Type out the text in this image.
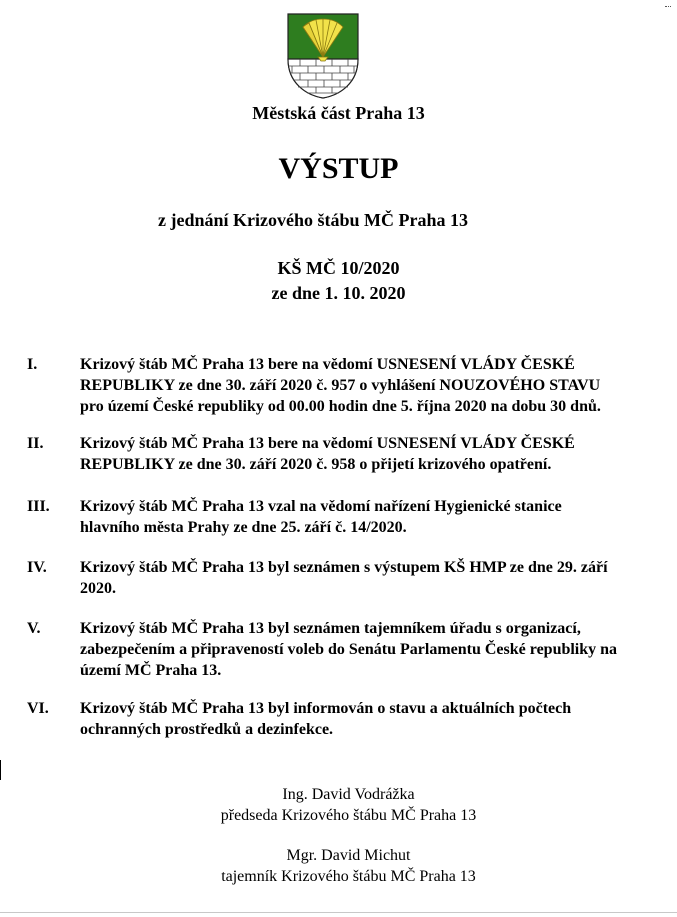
Městská část Praha 13
VÝSTUP
z jednání Krizového štábu MČ Praha 13
KŠ MČ 10/2020
ze dne 1. 10. 2020
I.	Krizový štáb MČ Praha 13 bere na vědomí USNESENÍ VLÁDY ČESKÉ
REPUBLIKY ze dne 30. září 2020 č. 957 o vyhlášení NOUZOVÉHO STAVU
pro území České republiky od 00.00 hodin dne 5. října 2020 na dobu 30 dnů.
II. Krizový štáb MČ Praha 13 bere na vědomí USNESENÍ VLÁDY ČESKÉ
REPUBLIKY ze dne 30. září 2020 č. 958 o přijetí krizového opatření.
III. Krizový štáb MČ Praha 13 vzal na vědomí nařízení Hygienické stanice
hlavního města Prahy ze dne 25. září č. 14/2020.
IV. Krizový štáb MČ Praha 13 byl seznámen s výstupem KŠ HMP ze dne 29. září
2020.
V. Krizový štáb MČ Praha 13 byl seznámen tajemníkem úřadu s organizací,
zabezpečením a připraveností voleb do Senátu Parlamentu České republiky na
území MČ Praha 13.
VI. Krizový štáb MČ Praha 13 byl informován o stavu a aktuálních počtech
ochranných prostředků a dezinfekce.
Ing. David Vodrážka
předseda Krizového štábu MČ Praha 13
Mgr. David Michut
tajemník Krizového štábu MČ Praha 13
